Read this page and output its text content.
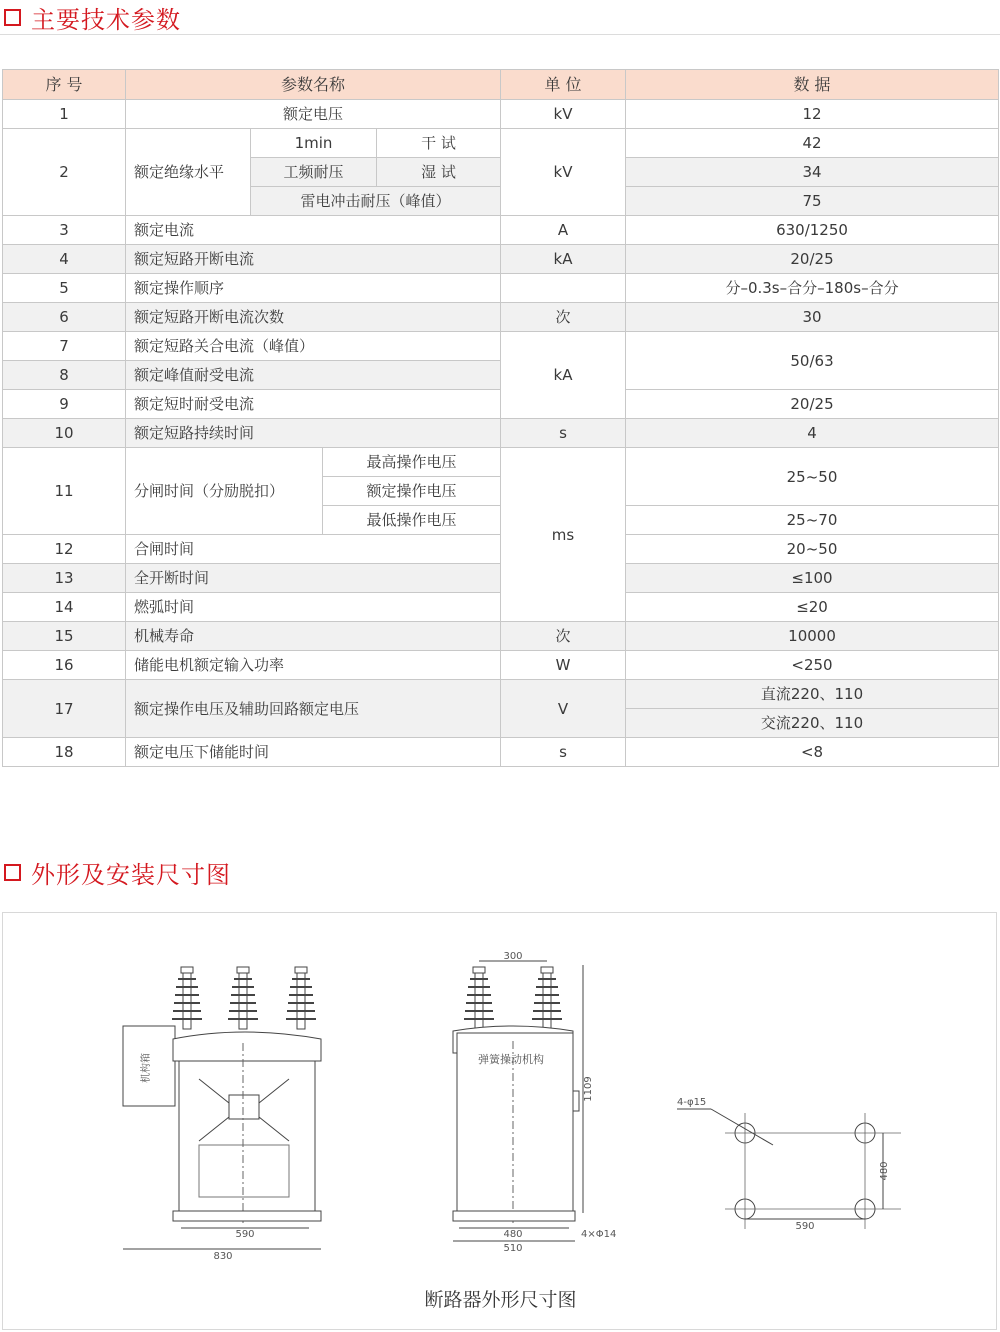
主要技术参数
序 号	参数名称				单 位	数 据
1	额定电压				kV	12
2	额定绝缘水平	1min		干 试	kV	42
		工频耐压		湿 试		34
		雷电冲击耐压（峰值）				75
3	额定电流				A	630/1250
4	额定短路开断电流				kA	20/25
5	额定操作顺序					分–0.3s–合分–180s–合分
6	额定短路开断电流次数				次	30
7	额定短路关合电流（峰值）				kA	50/63
8	额定峰值耐受电流					
9	额定短时耐受电流					20/25
10	额定短路持续时间				s	4
11	分闸时间（分励脱扣）		最高操作电压		ms	25~50
			额定操作电压			
			最低操作电压			25~70
12	合闸时间					20~50
13	全开断时间					≤100
14	燃弧时间					≤20
15	机械寿命				次	10000
16	储能电机额定输入功率				W	<250
17	额定操作电压及辅助回路额定电压				V	直流220、110
						交流220、110
18	额定电压下储能时间				s	<8
外形及安装尺寸图
机构箱
590
830
300
弹簧操动机构
1109
480
510
4×Φ14
480
590
4-φ15
断路器外形尺寸图
